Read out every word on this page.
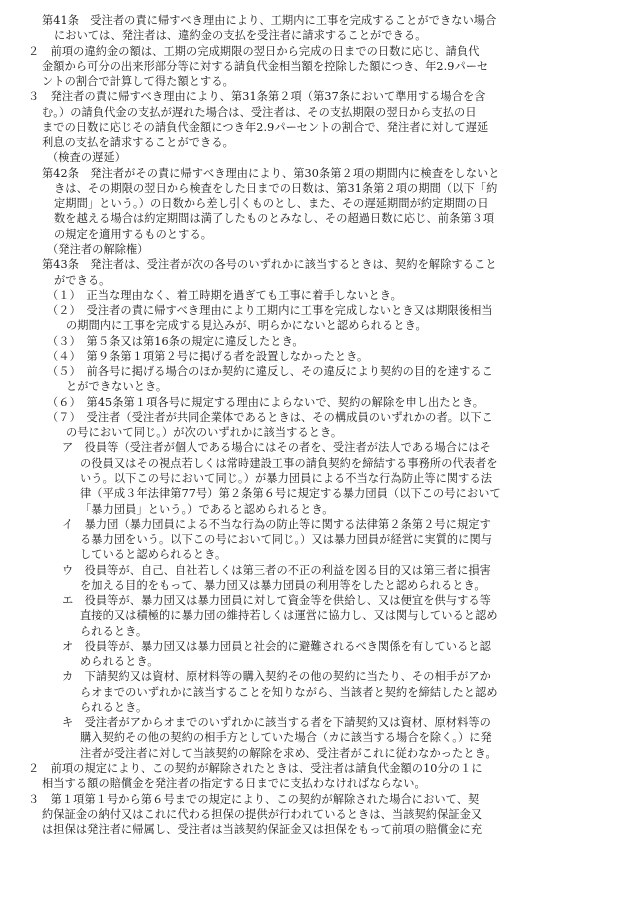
第41条　受注者の責に帰すべき理由により、工期内に工事を完成することができない場合
においては、発注者は、違約金の支払を受注者に請求することができる。
２　前項の違約金の額は、工期の完成期限の翌日から完成の日までの日数に応じ、請負代
金額から可分の出来形部分等に対する請負代金相当額を控除した額につき、年2.9パーセ
ントの割合で計算して得た額とする。
３　発注者の責に帰すべき理由により、第31条第２項（第37条において準用する場合を含
む。）の請負代金の支払が遅れた場合は、受注者は、その支払期限の翌日から支払の日
までの日数に応じその請負代金額につき年2.9パーセントの割合で、発注者に対して遅延
利息の支払を請求することができる。
（検査の遅延）
第42条　発注者がその責に帰すべき理由により、第30条第２項の期間内に検査をしないと
きは、その期限の翌日から検査をした日までの日数は、第31条第２項の期間（以下「約
定期間」という。）の日数から差し引くものとし、また、その遅延期間が約定期間の日
数を越える場合は約定期間は満了したものとみなし、その超過日数に応じ、前条第３項
の規定を適用するものとする。
（発注者の解除権）
第43条　発注者は、受注者が次の各号のいずれかに該当するときは、契約を解除すること
ができる。
（１）　正当な理由なく、着工時期を過ぎても工事に着手しないとき。
（２）　受注者の責に帰すべき理由により工期内に工事を完成しないとき又は期限後相当
の期間内に工事を完成する見込みが、明らかにないと認められるとき。
（３）　第５条又は第16条の規定に違反したとき。
（４）　第９条第１項第２号に掲げる者を設置しなかったとき。
（５）　前各号に掲げる場合のほか契約に違反し、その違反により契約の目的を達するこ
とができないとき。
（６）　第45条第１項各号に規定する理由によらないで、契約の解除を申し出たとき。
（７）　受注者（受注者が共同企業体であるときは、その構成員のいずれかの者。以下こ
の号において同じ。）が次のいずれかに該当するとき。
ア　役員等（受注者が個人である場合にはその者を、受注者が法人である場合にはそ
の役員又はその視点若しくは常時建設工事の請負契約を締結する事務所の代表者を
いう。以下この号において同じ。）が暴力団員による不当な行為防止等に関する法
律（平成３年法律第77号）第２条第６号に規定する暴力団員（以下この号において
「暴力団員」という。）であると認められるとき。
イ　暴力団（暴力団員による不当な行為の防止等に関する法律第２条第２号に規定す
る暴力団をいう。以下この号において同じ。）又は暴力団員が経営に実質的に関与
していると認められるとき。
ウ　役員等が、自己、自社若しくは第三者の不正の利益を図る目的又は第三者に損害
を加える目的をもって、暴力団又は暴力団員の利用等をしたと認められるとき。
エ　役員等が、暴力団又は暴力団員に対して資金等を供給し、又は便宜を供与する等
直接的又は積極的に暴力団の維持若しくは運営に協力し、又は関与していると認め
られるとき。
オ　役員等が、暴力団又は暴力団員と社会的に避難されるべき関係を有していると認
められるとき。
カ　下請契約又は資材、原材料等の購入契約その他の契約に当たり、その相手がアか
らオまでのいずれかに該当することを知りながら、当該者と契約を締結したと認め
られるとき。
キ　受注者がアからオまでのいずれかに該当する者を下請契約又は資材、原材料等の
購入契約その他の契約の相手方としていた場合（カに該当する場合を除く。）に発
注者が受注者に対して当該契約の解除を求め、受注者がこれに従わなかったとき。
２　前項の規定により、この契約が解除されたときは、受注者は請負代金額の10分の１に
相当する額の賠償金を発注者の指定する日までに支払わなければならない。
３　第１項第１号から第６号までの規定により、この契約が解除された場合において、契
約保証金の納付又はこれに代わる担保の提供が行われているときは、当該契約保証金又
は担保は発注者に帰属し、受注者は当該契約保証金又は担保をもって前項の賠償金に充
